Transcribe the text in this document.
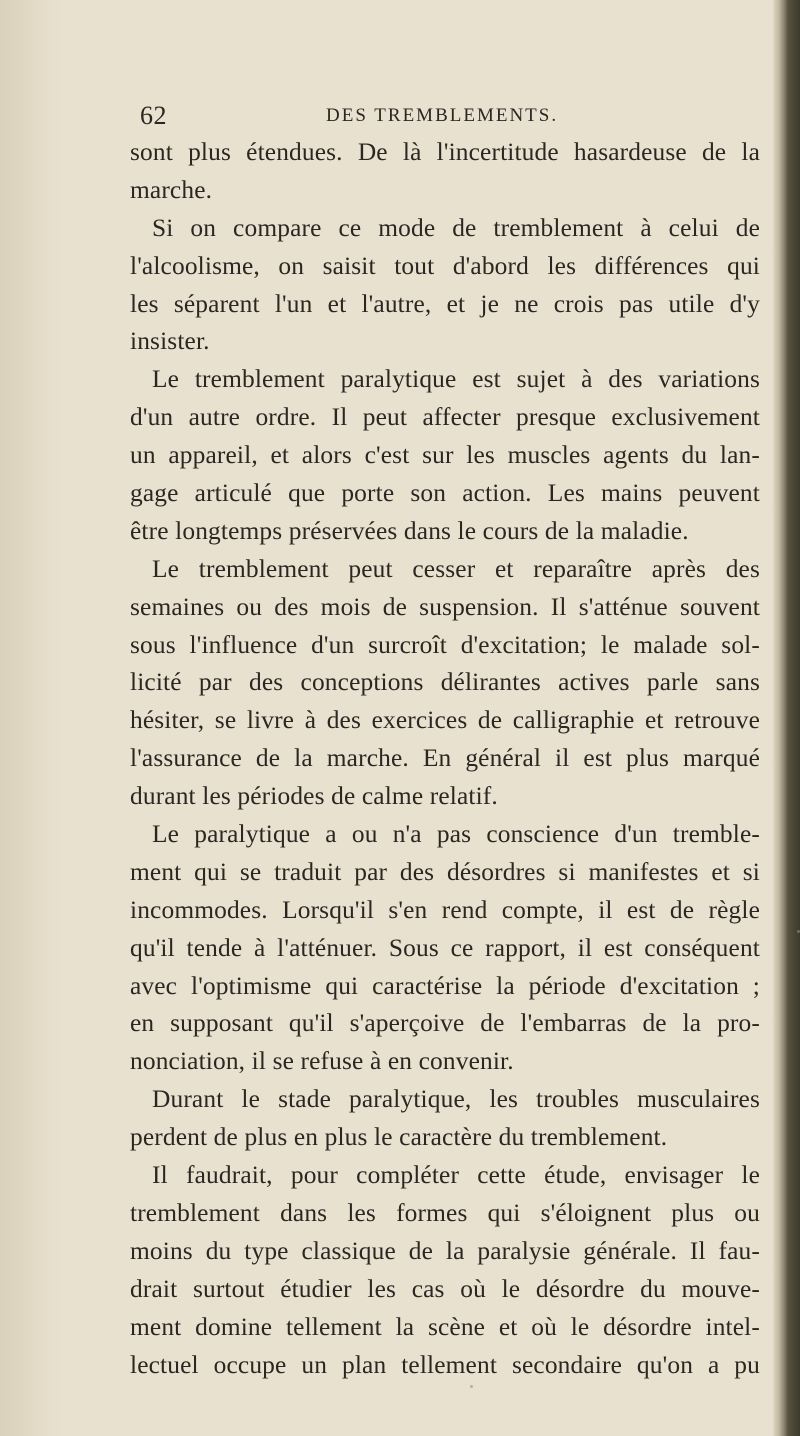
62	DES TREMBLEMENTS.
sont plus étendues. De là l'incertitude hasardeuse de la
marche.
Si on compare ce mode de tremblement à celui de
l'alcoolisme, on saisit tout d'abord les différences qui
les séparent l'un et l'autre, et je ne crois pas utile d'y
insister.
Le tremblement paralytique est sujet à des variations
d'un autre ordre. Il peut affecter presque exclusivement
un appareil, et alors c'est sur les muscles agents du lan-
gage articulé que porte son action. Les mains peuvent
être longtemps préservées dans le cours de la maladie.
Le tremblement peut cesser et reparaître après des
semaines ou des mois de suspension. Il s'atténue souvent
sous l'influence d'un surcroît d'excitation; le malade sol-
licité par des conceptions délirantes actives parle sans
hésiter, se livre à des exercices de calligraphie et retrouve
l'assurance de la marche. En général il est plus marqué
durant les périodes de calme relatif.
Le paralytique a ou n'a pas conscience d'un tremble-
ment qui se traduit par des désordres si manifestes et si
incommodes. Lorsqu'il s'en rend compte, il est de règle
qu'il tende à l'atténuer. Sous ce rapport, il est conséquent
avec l'optimisme qui caractérise la période d'excitation ;
en supposant qu'il s'aperçoive de l'embarras de la pro-
nonciation, il se refuse à en convenir.
Durant le stade paralytique, les troubles musculaires
perdent de plus en plus le caractère du tremblement.
Il faudrait, pour compléter cette étude, envisager le
tremblement dans les formes qui s'éloignent plus ou
moins du type classique de la paralysie générale. Il fau-
drait surtout étudier les cas où le désordre du mouve-
ment domine tellement la scène et où le désordre intel-
lectuel occupe un plan tellement secondaire qu'on a pu
